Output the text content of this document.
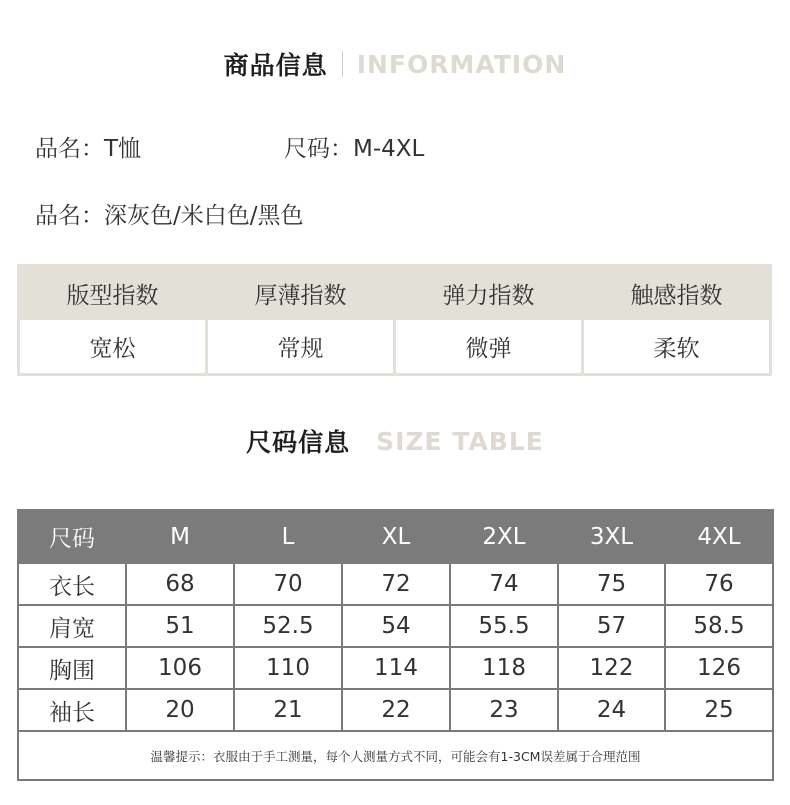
商品信息 INFORMATION
品名：T恤	尺码：M-4XL
品名：深灰色/米白色/黑色
版型指数	厚薄指数	弹力指数	触感指数
宽松	常规	微弹	柔软
尺码信息 SIZE TABLE
尺码	M	L	XL	2XL	3XL	4XL
衣长	68	70	72	74	75	76
肩宽	51	52.5	54	55.5	57	58.5
胸围	106	110	114	118	122	126
袖长	20	21	22	23	24	25
温馨提示：衣服由于手工测量，每个人测量方式不同，可能会有1-3CM误差属于合理范围						
